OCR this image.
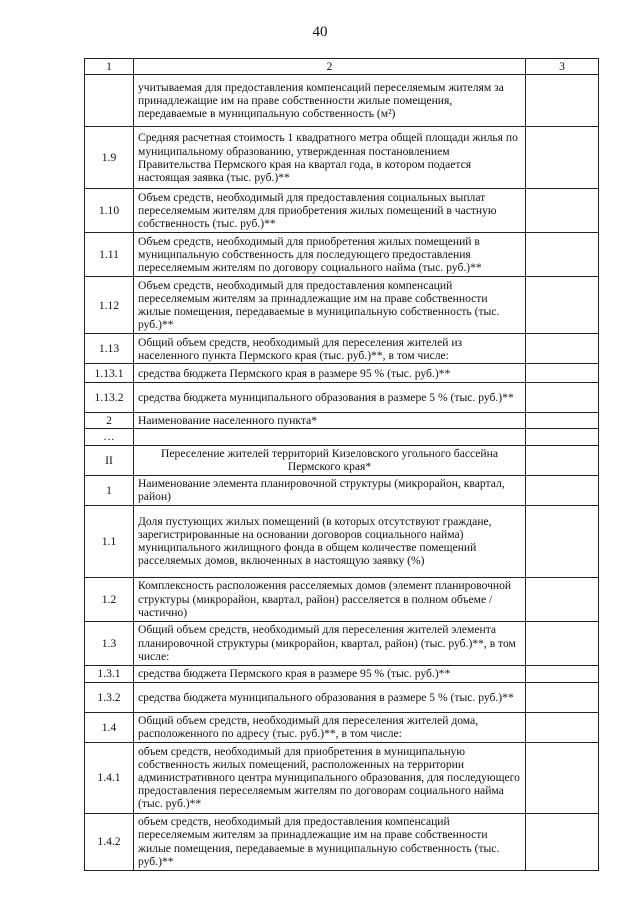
40
1	2	3
	учитываемая для предоставления компенсаций переселяемым жителям за принадлежащие им на праве собственности жилые помещения, передаваемые в муниципальную собственность (м²)	
1.9	Средняя расчетная стоимость 1 квадратного метра общей площади жилья по муниципальному образованию, утвержденная постановлением Правительства Пермского края на квартал года, в котором подается настоящая заявка (тыс. руб.)**	
1.10	Объем средств, необходимый для предоставления социальных выплат переселяемым жителям для приобретения жилых помещений в частную собственность (тыс. руб.)**	
1.11	Объем средств, необходимый для приобретения жилых помещений в муниципальную собственность для последующего предоставления переселяемым жителям по договору социального найма (тыс. руб.)**	
1.12	Объем средств, необходимый для предоставления компенсаций переселяемым жителям за принадлежащие им на праве собственности жилые помещения, передаваемые в муниципальную собственность (тыс. руб.)**	
1.13	Общий объем средств, необходимый для переселения жителей из населенного пункта Пермского края (тыс. руб.)**, в том числе:	
1.13.1	средства бюджета Пермского края в размере 95 % (тыс. руб.)**	
1.13.2	средства бюджета муниципального образования в размере 5 % (тыс. руб.)**	
2	Наименование населенного пункта*	
…		
II	Переселение жителей территорий Кизеловского угольного бассейна Пермского края*	
1	Наименование элемента планировочной структуры (микрорайон, квартал, район)	
1.1	Доля пустующих жилых помещений (в которых отсутствуют граждане, зарегистрированные на основании договоров социального найма) муниципального жилищного фонда в общем количестве помещений расселяемых домов, включенных в настоящую заявку (%)	
1.2	Комплексность расположения расселяемых домов (элемент планировочной структуры (микрорайон, квартал, район) расселяется в полном объеме /частично)	
1.3	Общий объем средств, необходимый для переселения жителей элемента планировочной структуры (микрорайон, квартал, район) (тыс. руб.)**, в том числе:	
1.3.1	средства бюджета Пермского края в размере 95 % (тыс. руб.)**	
1.3.2	средства бюджета муниципального образования в размере 5 % (тыс. руб.)**	
1.4	Общий объем средств, необходимый для переселения жителей дома, расположенного по адресу (тыс. руб.)**, в том числе:	
1.4.1	объем средств, необходимый для приобретения в муниципальную собственность жилых помещений, расположенных на территории административного центра муниципального образования, для последующего предоставления переселяемым жителям по договорам социального найма (тыс. руб.)**	
1.4.2	объем средств, необходимый для предоставления компенсаций переселяемым жителям за принадлежащие им на праве собственности жилые помещения, передаваемые в муниципальную собственность (тыс. руб.)**	
